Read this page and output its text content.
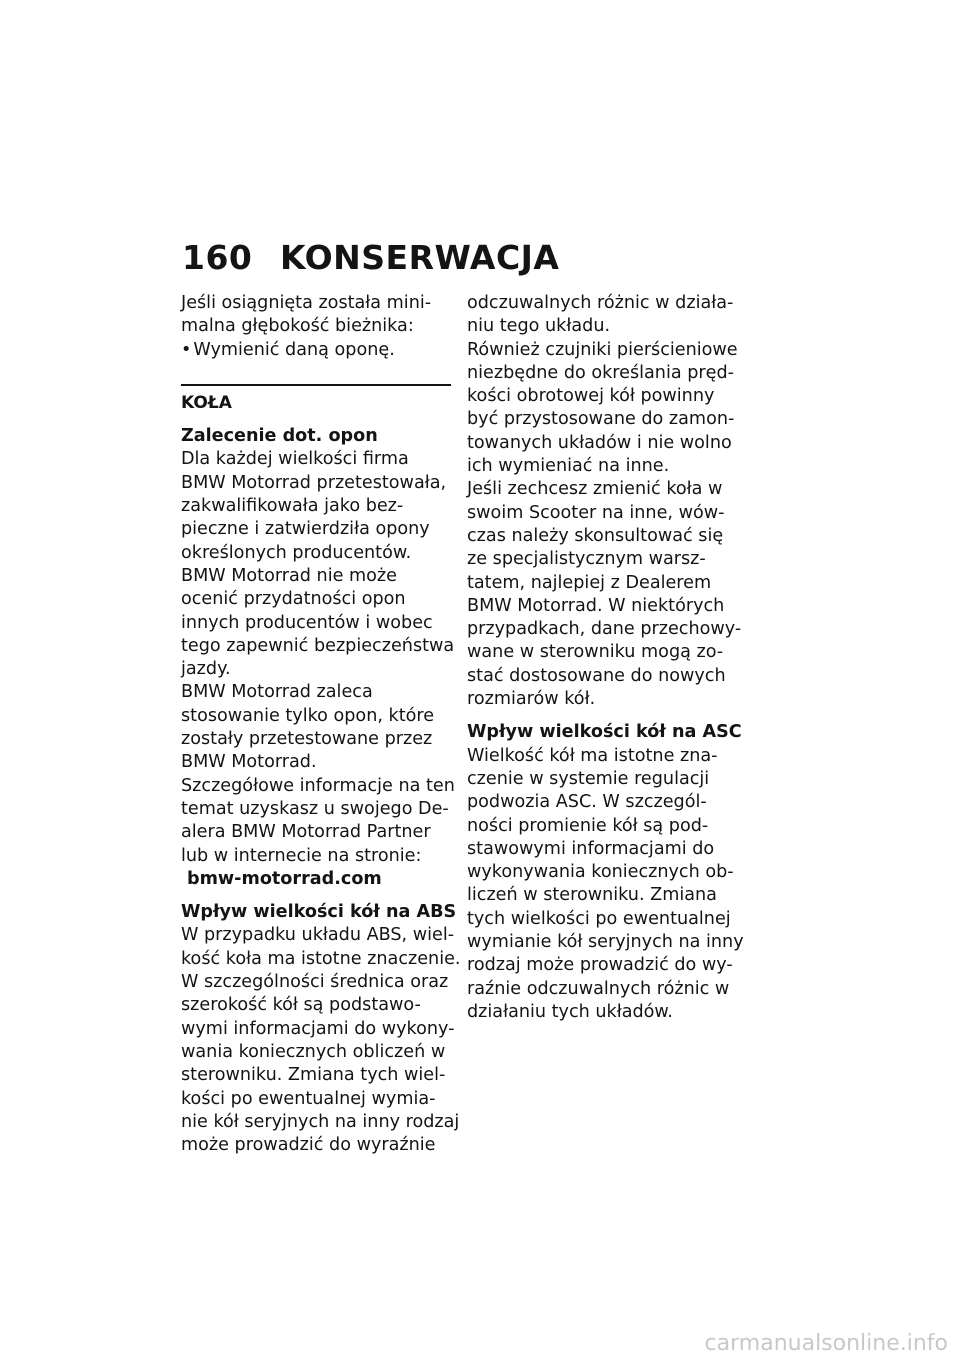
160 KONSERWACJA
Jeśli osiągnięta została mini-
malna głębokość bieżnika:
• Wymienić daną oponę.
KOŁA
Zalecenie dot. opon
Dla każdej wielkości firma
BMW Motorrad przetestowała,
zakwalifikowała jako bez-
pieczne i zatwierdziła opony
określonych producentów.
BMW Motorrad nie może
ocenić przydatności opon
innych producentów i wobec
tego zapewnić bezpieczeństwa
jazdy.
BMW Motorrad zaleca
stosowanie tylko opon, które
zostały przetestowane przez
BMW Motorrad.
Szczegółowe informacje na ten
temat uzyskasz u swojego De-
alera BMW Motorrad Partner
lub w internecie na stronie:
bmw-motorrad.com
Wpływ wielkości kół na ABS
W przypadku układu ABS, wiel-
kość koła ma istotne znaczenie.
W szczególności średnica oraz
szerokość kół są podstawo-
wymi informacjami do wykony-
wania koniecznych obliczeń w
sterowniku. Zmiana tych wiel-
kości po ewentualnej wymia-
nie kół seryjnych na inny rodzaj
może prowadzić do wyraźnie
odczuwalnych różnic w działa-
niu tego układu.
Również czujniki pierścieniowe
niezbędne do określania pręd-
kości obrotowej kół powinny
być przystosowane do zamon-
towanych układów i nie wolno
ich wymieniać na inne.
Jeśli zechcesz zmienić koła w
swoim Scooter na inne, wów-
czas należy skonsultować się
ze specjalistycznym warsz-
tatem, najlepiej z Dealerem
BMW Motorrad. W niektórych
przypadkach, dane przechowy-
wane w sterowniku mogą zo-
stać dostosowane do nowych
rozmiarów kół.
Wpływ wielkości kół na ASC
Wielkość kół ma istotne zna-
czenie w systemie regulacji
podwozia ASC. W szczegól-
ności promienie kół są pod-
stawowymi informacjami do
wykonywania koniecznych ob-
liczeń w sterowniku. Zmiana
tych wielkości po ewentualnej
wymianie kół seryjnych na inny
rodzaj może prowadzić do wy-
raźnie odczuwalnych różnic w
działaniu tych układów.
carmanualsonline.info
